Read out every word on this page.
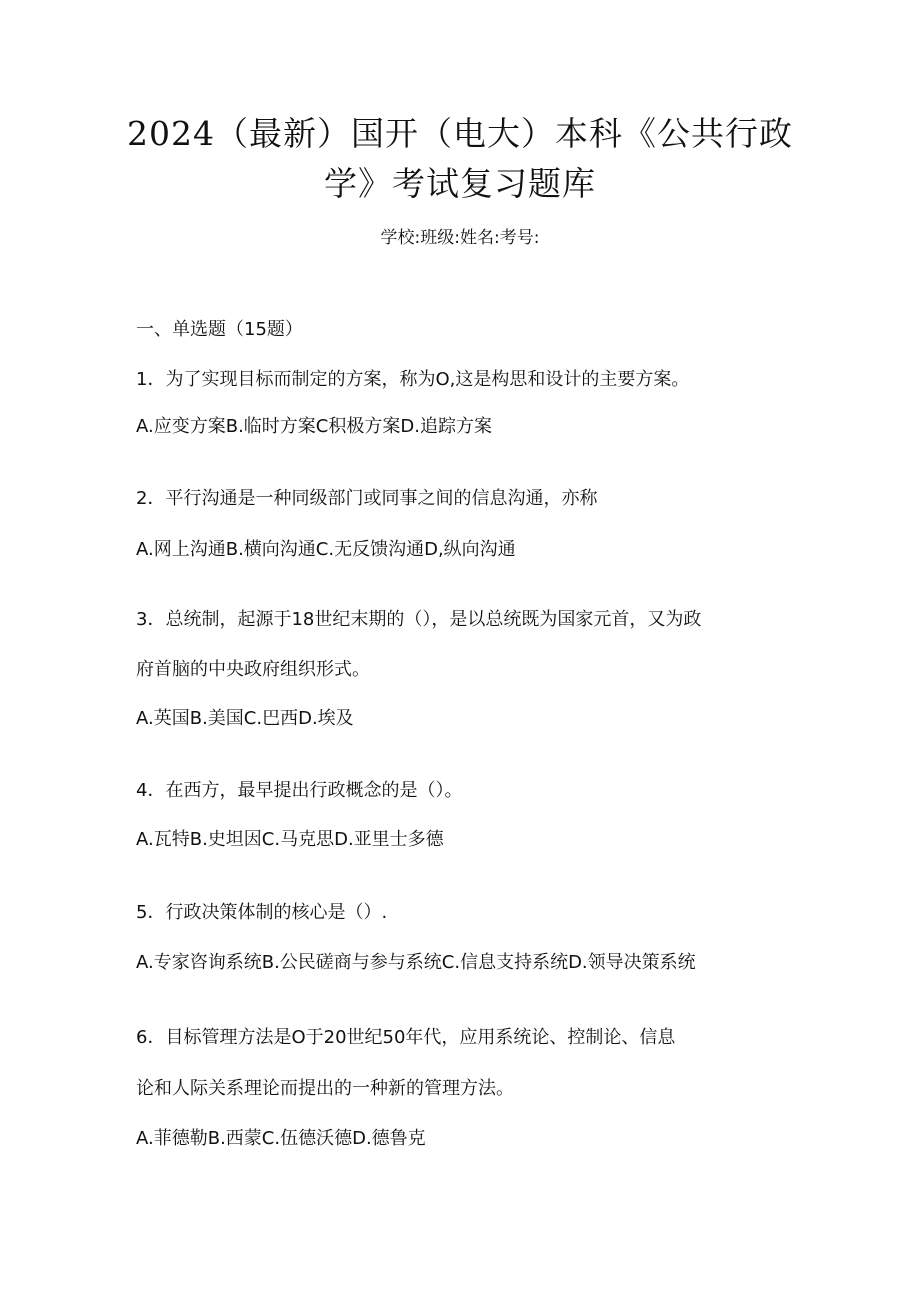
2024（最新）国开（电大）本科《公共行政
学》考试复习题库
学校:班级:姓名:考号:
一、单选题（15题）
1．为了实现目标而制定的方案，称为O,这是构思和设计的主要方案。
A.应变方案B.临时方案C积极方案D.追踪方案
2．平行沟通是一种同级部门或同事之间的信息沟通，亦称
A.网上沟通B.横向沟通C.无反馈沟通D,纵向沟通
3．总统制，起源于18世纪末期的（），是以总统既为国家元首，又为政
府首脑的中央政府组织形式。
A.英国B.美国C.巴西D.埃及
4．在西方，最早提出行政概念的是（）。
A.瓦特B.史坦因C.马克思D.亚里士多德
5．行政决策体制的核心是（）.
A.专家咨询系统B.公民磋商与参与系统C.信息支持系统D.领导决策系统
6．目标管理方法是O于20世纪50年代，应用系统论、控制论、信息
论和人际关系理论而提出的一种新的管理方法。
A.菲德勒B.西蒙C.伍德沃德D.德鲁克
